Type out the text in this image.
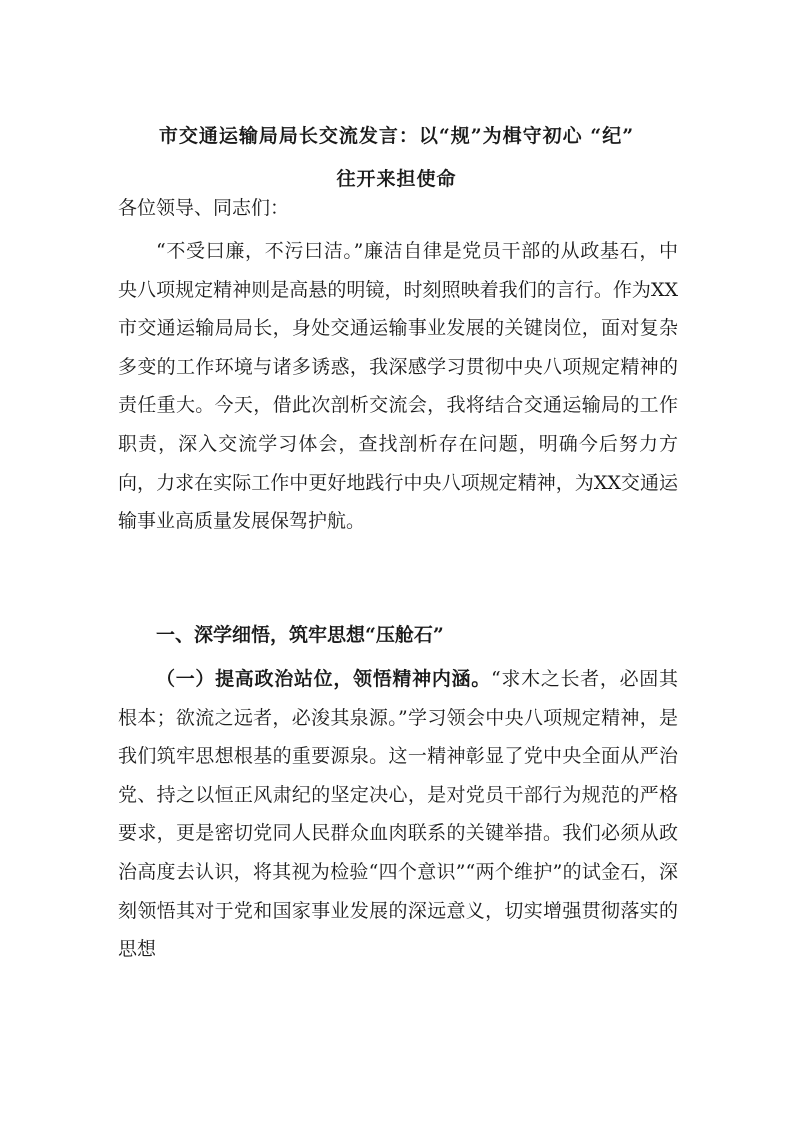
市交通运输局局长交流发言：以“规”为楫守初心 “纪”
往开来担使命

各位领导、同志们：

“不受曰廉，不污曰洁。”廉洁自律是党员干部的从政基石，中央八项规定精神则是高悬的明镜，时刻照映着我们的言行。作为XX市交通运输局局长，身处交通运输事业发展的关键岗位，面对复杂多变的工作环境与诸多诱惑，我深感学习贯彻中央八项规定精神的责任重大。今天，借此次剖析交流会，我将结合交通运输局的工作职责，深入交流学习体会，查找剖析存在问题，明确今后努力方向，力求在实际工作中更好地践行中央八项规定精神，为XX交通运输事业高质量发展保驾护航。

一、深学细悟，筑牢思想“压舱石”

（一）提高政治站位，领悟精神内涵。“求木之长者，必固其根本；欲流之远者，必浚其泉源。”学习领会中央八项规定精神，是我们筑牢思想根基的重要源泉。这一精神彰显了党中央全面从严治党、持之以恒正风肃纪的坚定决心，是对党员干部行为规范的严格要求，更是密切党同人民群众血肉联系的关键举措。我们必须从政治高度去认识，将其视为检验“四个意识”“两个维护”的试金石，深刻领悟其对于党和国家事业发展的深远意义，切实增强贯彻落实的思想
